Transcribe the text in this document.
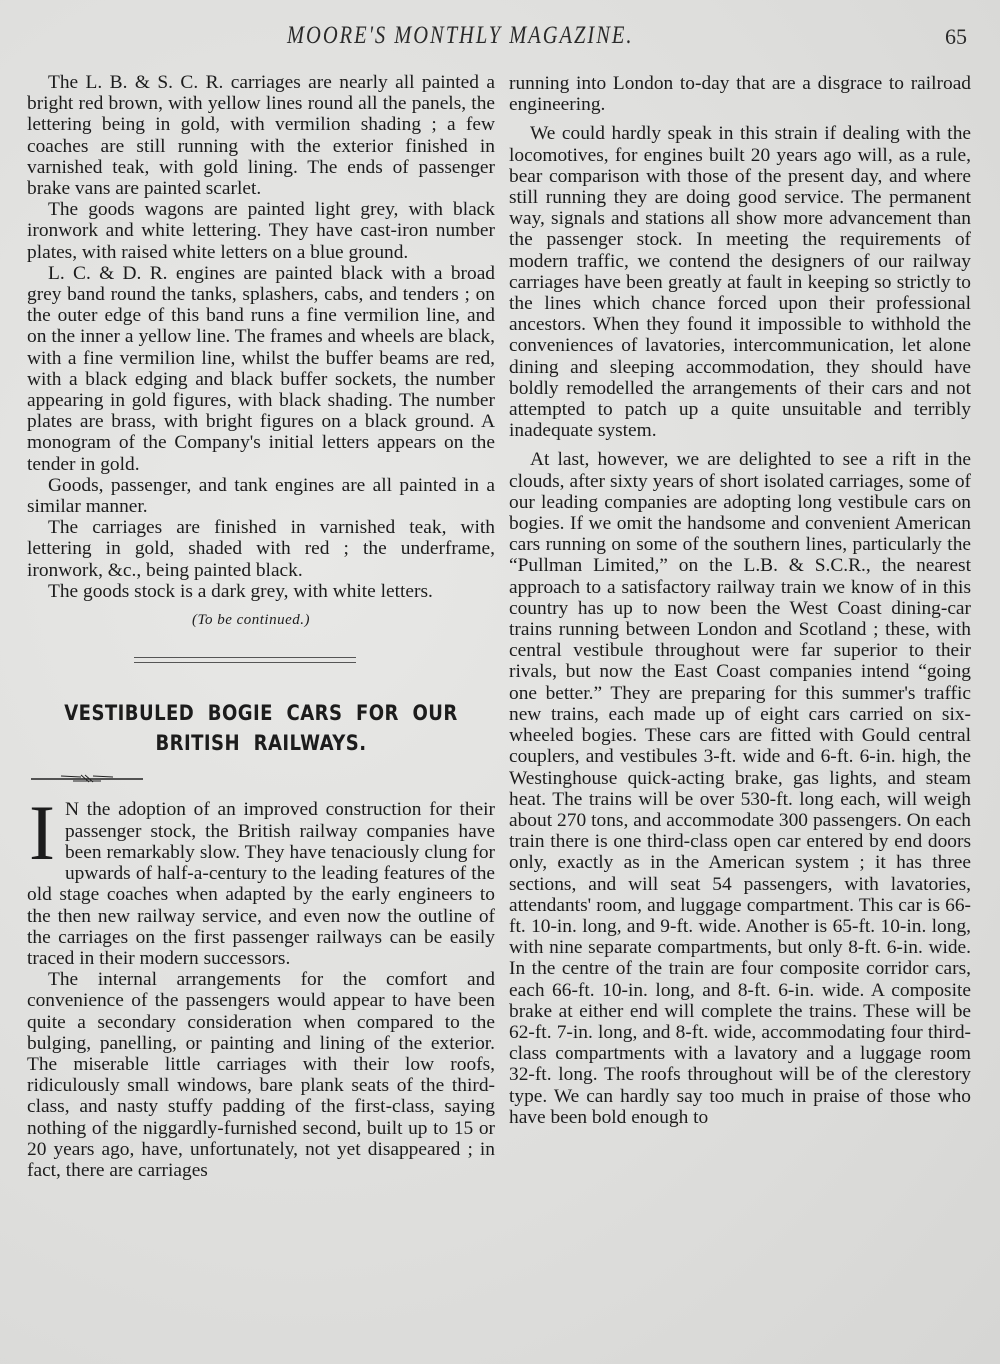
MOORE'S MONTHLY MAGAZINE.	65

The L. B. & S. C. R. carriages are nearly all painted a bright red brown, with yellow lines round all the panels, the lettering being in gold, with vermilion shading ; a few coaches are still running with the exterior finished in varnished teak, with gold lining. The ends of passenger brake vans are painted scarlet.

The goods wagons are painted light grey, with black ironwork and white lettering. They have cast-iron number plates, with raised white letters on a blue ground.

L. C. & D. R. engines are painted black with a broad grey band round the tanks, splashers, cabs, and tenders ; on the outer edge of this band runs a fine vermilion line, and on the inner a yellow line. The frames and wheels are black, with a fine vermilion line, whilst the buffer beams are red, with a black edging and black buffer sockets, the number appearing in gold figures, with black shading. The number plates are brass, with bright figures on a black ground. A monogram of the Company's initial letters appears on the tender in gold.

Goods, passenger, and tank engines are all painted in a similar manner.

The carriages are finished in varnished teak, with lettering in gold, shaded with red ; the underframe, ironwork, &c., being painted black.

The goods stock is a dark grey, with white letters.

(To be continued.)
VESTIBULED BOGIE CARS FOR OUR
BRITISH RAILWAYS.
I N the adoption of an improved construction for their passenger stock, the British railway companies have been remarkably slow. They have tenaciously clung for upwards of half-a-century to the leading features of the old stage coaches when adapted by the early engineers to the then new railway service, and even now the outline of the carriages on the first passenger railways can be easily traced in their modern successors.

The internal arrangements for the comfort and convenience of the passengers would appear to have been quite a secondary consideration when compared to the bulging, panelling, or painting and lining of the exterior. The miserable little carriages with their low roofs, ridiculously small windows, bare plank seats of the third-class, and nasty stuffy padding of the first-class, saying nothing of the niggardly-furnished second, built up to 15 or 20 years ago, have, unfortunately, not yet disappeared ; in fact, there are carriages

running into London to-day that are a disgrace to railroad engineering.

We could hardly speak in this strain if dealing with the locomotives, for engines built 20 years ago will, as a rule, bear comparison with those of the present day, and where still running they are doing good service. The permanent way, signals and stations all show more advancement than the passenger stock. In meeting the requirements of modern traffic, we contend the designers of our railway carriages have been greatly at fault in keeping so strictly to the lines which chance forced upon their professional ancestors. When they found it impossible to withhold the conveniences of lavatories, intercommunication, let alone dining and sleeping accommodation, they should have boldly remodelled the arrangements of their cars and not attempted to patch up a quite unsuitable and terribly inadequate system.

At last, however, we are delighted to see a rift in the clouds, after sixty years of short isolated carriages, some of our leading companies are adopting long vestibule cars on bogies. If we omit the handsome and convenient American cars running on some of the southern lines, particularly the “Pullman Limited,” on the L.B. & S.C.R., the nearest approach to a satisfactory railway train we know of in this country has up to now been the West Coast dining-car trains running between London and Scotland ; these, with central vestibule throughout were far superior to their rivals, but now the East Coast companies intend “going one better.” They are preparing for this summer's traffic new trains, each made up of eight cars carried on six-wheeled bogies. These cars are fitted with Gould central couplers, and vestibules 3-ft. wide and 6-ft. 6-in. high, the Westinghouse quick-acting brake, gas lights, and steam heat. The trains will be over 530-ft. long each, will weigh about 270 tons, and accommodate 300 passengers. On each train there is one third-class open car entered by end doors only, exactly as in the American system ; it has three sections, and will seat 54 passengers, with lavatories, attendants' room, and luggage compartment. This car is 66-ft. 10-in. long, and 9-ft. wide. Another is 65-ft. 10-in. long, with nine separate compartments, but only 8-ft. 6-in. wide. In the centre of the train are four composite corridor cars, each 66-ft. 10-in. long, and 8-ft. 6-in. wide. A composite brake at either end will complete the trains. These will be 62-ft. 7-in. long, and 8-ft. wide, accommodating four third-class compartments with a lavatory and a luggage room 32-ft. long. The roofs throughout will be of the clerestory type. We can hardly say too much in praise of those who have been bold enough to
